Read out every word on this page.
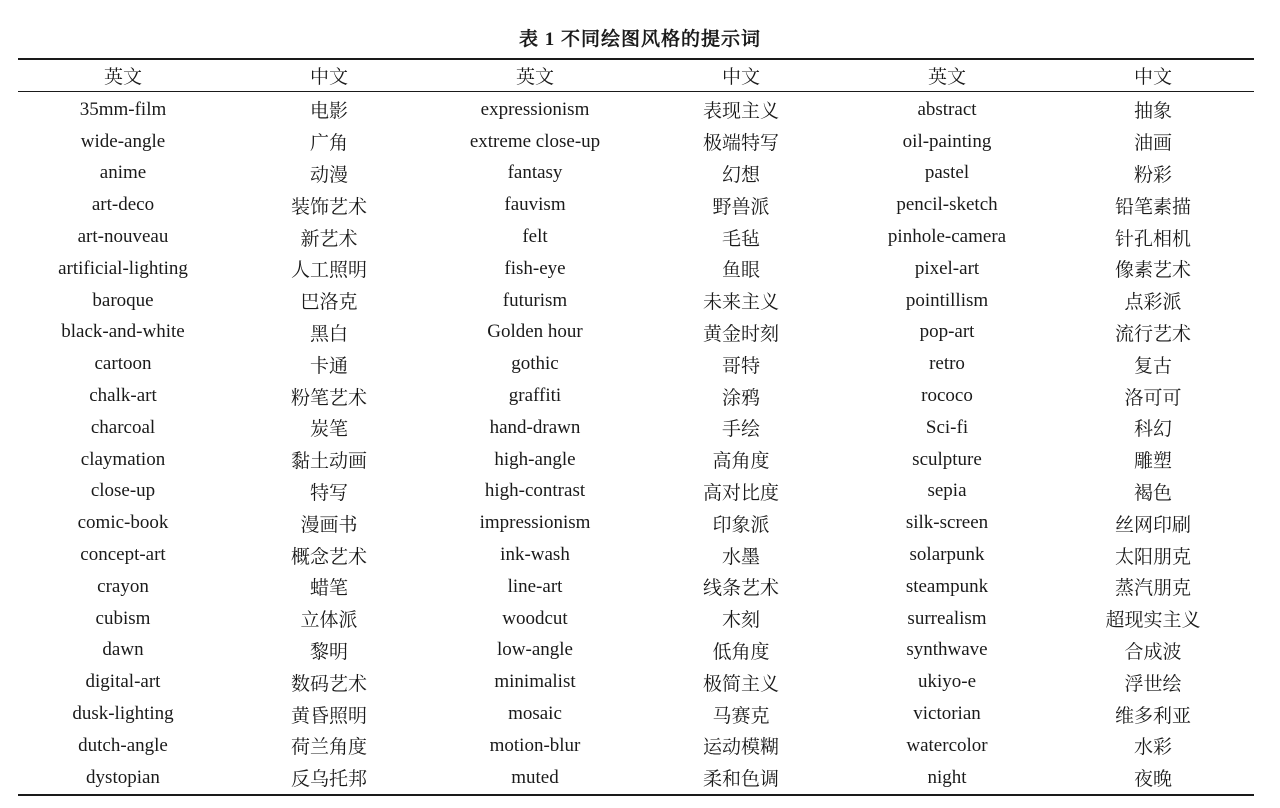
表 1 不同绘图风格的提示词
英文	中文	英文	中文	英文	中文
35mm-film	电影	expressionism	表现主义	abstract	抽象
wide-angle	广角	extreme close-up	极端特写	oil-painting	油画
anime	动漫	fantasy	幻想	pastel	粉彩
art-deco	装饰艺术	fauvism	野兽派	pencil-sketch	铅笔素描
art-nouveau	新艺术	felt	毛毡	pinhole-camera	针孔相机
artificial-lighting	人工照明	fish-eye	鱼眼	pixel-art	像素艺术
baroque	巴洛克	futurism	未来主义	pointillism	点彩派
black-and-white	黑白	Golden hour	黄金时刻	pop-art	流行艺术
cartoon	卡通	gothic	哥特	retro	复古
chalk-art	粉笔艺术	graffiti	涂鸦	rococo	洛可可
charcoal	炭笔	hand-drawn	手绘	Sci-fi	科幻
claymation	黏土动画	high-angle	高角度	sculpture	雕塑
close-up	特写	high-contrast	高对比度	sepia	褐色
comic-book	漫画书	impressionism	印象派	silk-screen	丝网印刷
concept-art	概念艺术	ink-wash	水墨	solarpunk	太阳朋克
crayon	蜡笔	line-art	线条艺术	steampunk	蒸汽朋克
cubism	立体派	woodcut	木刻	surrealism	超现实主义
dawn	黎明	low-angle	低角度	synthwave	合成波
digital-art	数码艺术	minimalist	极简主义	ukiyo-e	浮世绘
dusk-lighting	黄昏照明	mosaic	马赛克	victorian	维多利亚
dutch-angle	荷兰角度	motion-blur	运动模糊	watercolor	水彩
dystopian	反乌托邦	muted	柔和色调	night	夜晚
